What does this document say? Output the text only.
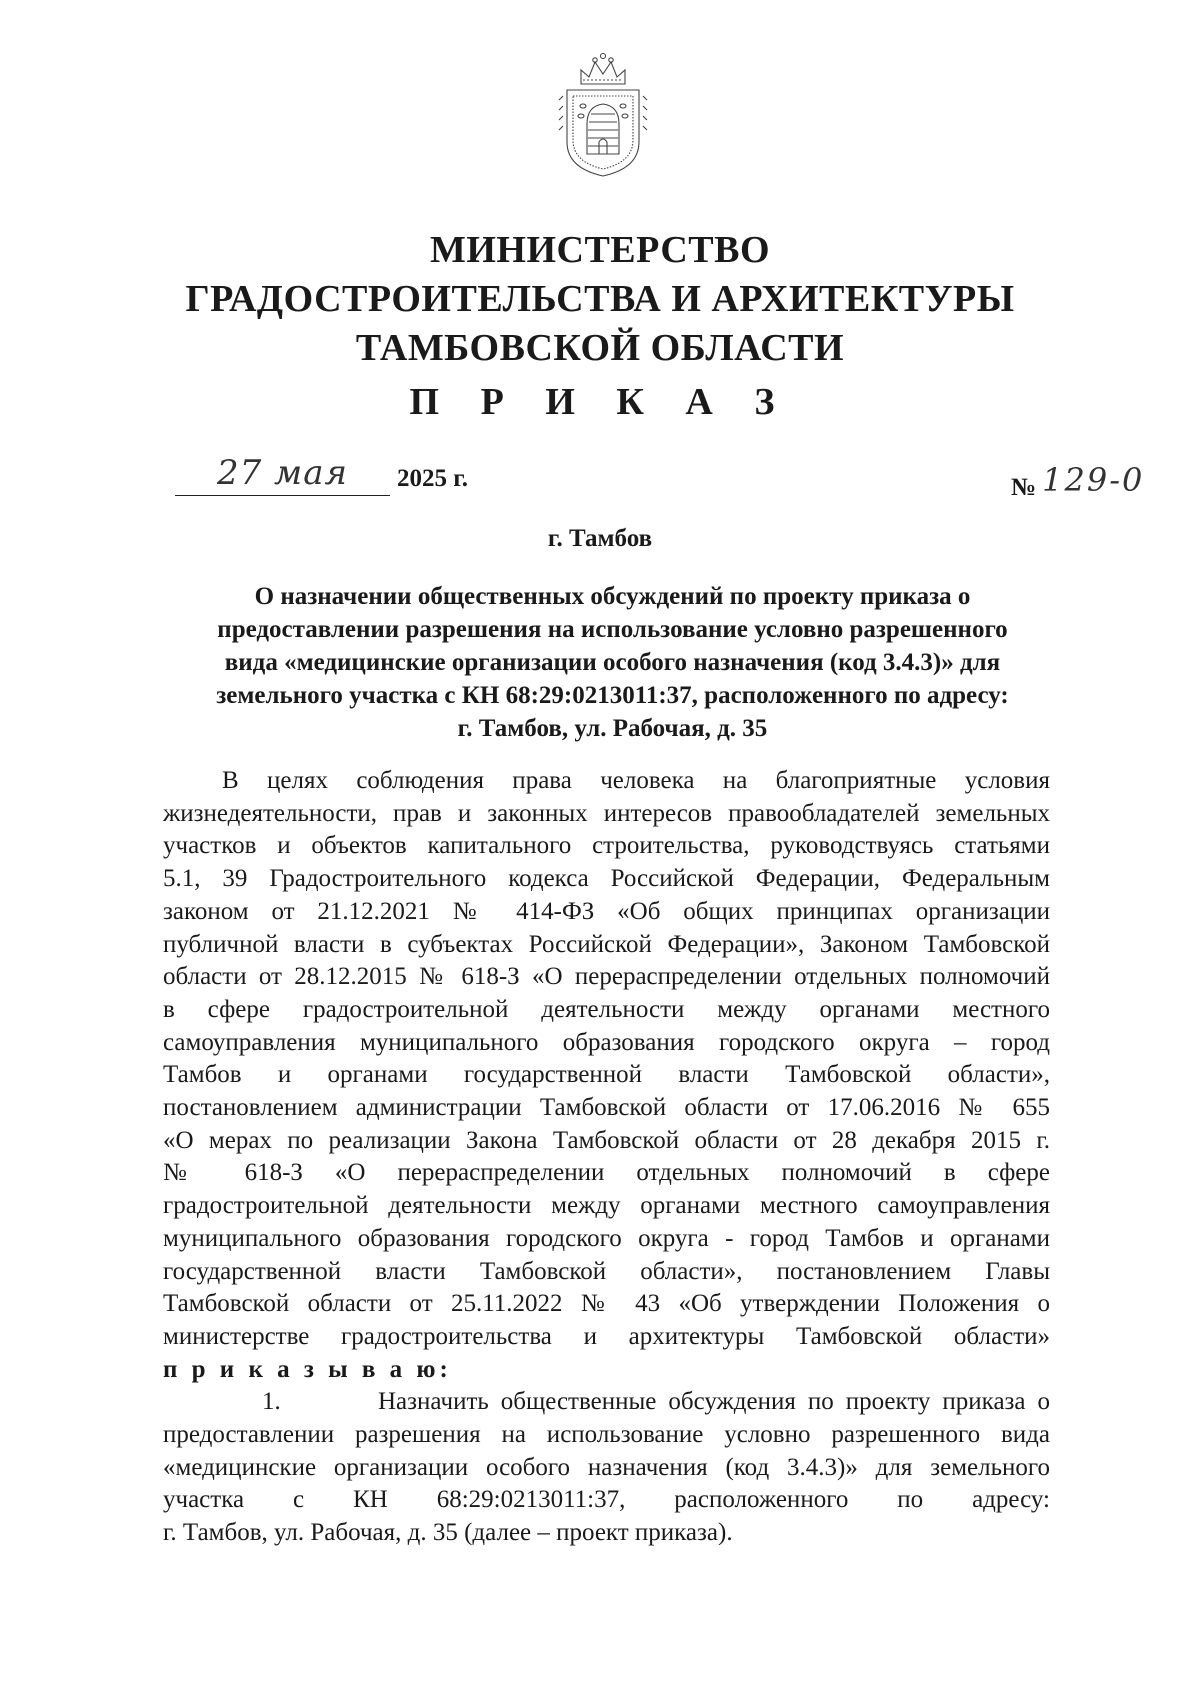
МИНИСТЕРСТВО
ГРАДОСТРОИТЕЛЬСТВА И АРХИТЕКТУРЫ
ТАМБОВСКОЙ ОБЛАСТИ
П Р И К А З
27 мая	2025 г.	№ 129-0
г. Тамбов
О назначении общественных обсуждений по проекту приказа о
предоставлении разрешения на использование условно разрешенного
вида «медицинские организации особого назначения (код 3.4.3)» для
земельного участка с КН 68:29:0213011:37, расположенного по адресу:
г. Тамбов, ул. Рабочая, д. 35
В целях соблюдения права человека на благоприятные условия
жизнедеятельности, прав и законных интересов правообладателей земельных
участков и объектов капитального строительства, руководствуясь статьями
5.1, 39 Градостроительного кодекса Российской Федерации, Федеральным
законом от 21.12.2021 № 414-ФЗ «Об общих принципах организации
публичной власти в субъектах Российской Федерации», Законом Тамбовской
области от 28.12.2015 № 618-З «О перераспределении отдельных полномочий
в сфере градостроительной деятельности между органами местного
самоуправления муниципального образования городского округа – город
Тамбов и органами государственной власти Тамбовской области»,
постановлением администрации Тамбовской области от 17.06.2016 № 655
«О мерах по реализации Закона Тамбовской области от 28 декабря 2015 г.
№ 618-З «О перераспределении отдельных полномочий в сфере
градостроительной деятельности между органами местного самоуправления
муниципального образования городского округа - город Тамбов и органами
государственной власти Тамбовской области», постановлением Главы
Тамбовской области от 25.11.2022 № 43 «Об утверждении Положения о
министерстве градостроительства и архитектуры Тамбовской области»
п р и к а з ы в а ю:
1.	Назначить общественные обсуждения по проекту приказа о
предоставлении разрешения на использование условно разрешенного вида
«медицинские организации особого назначения (код 3.4.3)» для земельного
участка с КН 68:29:0213011:37, расположенного по адресу:
г. Тамбов, ул. Рабочая, д. 35 (далее – проект приказа).
